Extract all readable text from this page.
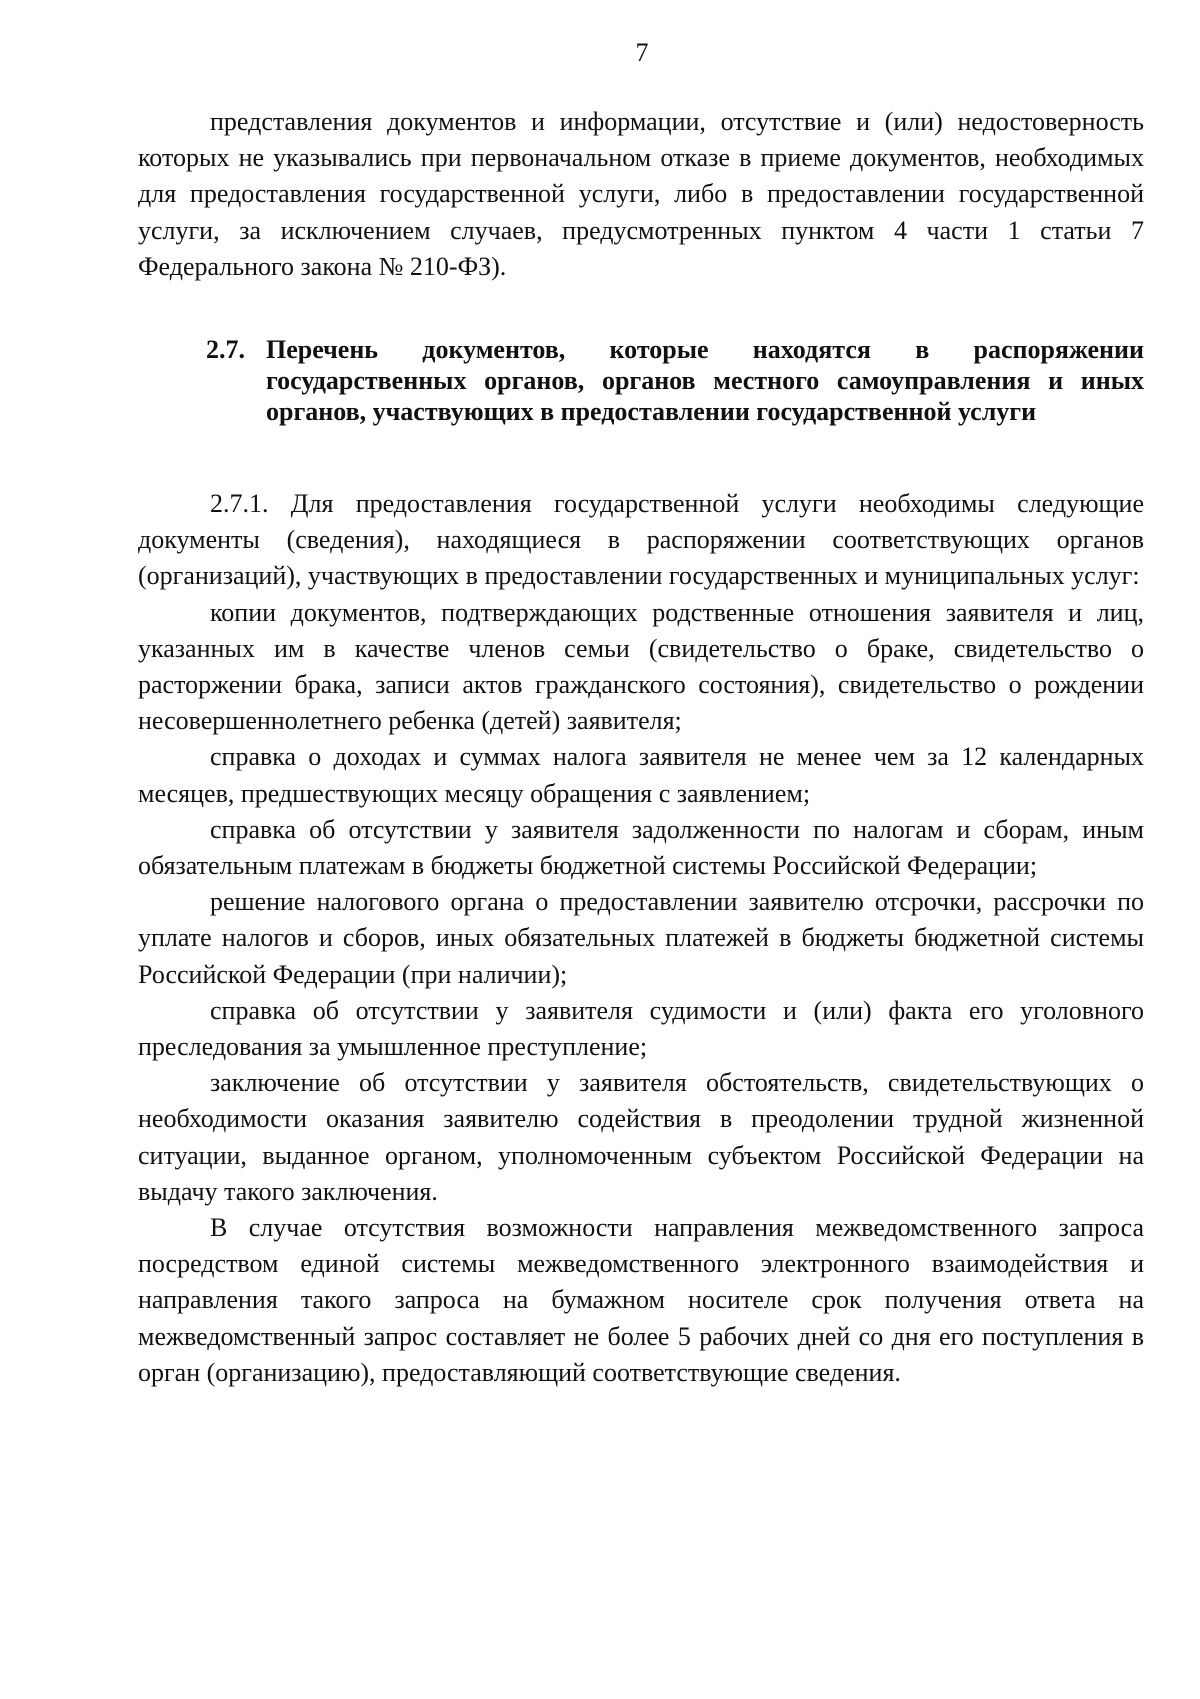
7

представления документов и информации, отсутствие и (или) недостоверность которых не указывались при первоначальном отказе в приеме документов, необходимых для предоставления государственной услуги, либо в предоставлении государственной услуги, за исключением случаев, предусмотренных пунктом 4 части 1 статьи 7 Федерального закона № 210-ФЗ).

2.7. Перечень документов, которые находятся в распоряжении государственных органов, органов местного самоуправления и иных органов, участвующих в предоставлении государственной услуги

2.7.1. Для предоставления государственной услуги необходимы следующие документы (сведения), находящиеся в распоряжении соответствующих органов (организаций), участвующих в предоставлении государственных и муниципальных услуг:

копии документов, подтверждающих родственные отношения заявителя и лиц, указанных им в качестве членов семьи (свидетельство о браке, свидетельство о расторжении брака, записи актов гражданского состояния), свидетельство о рождении несовершеннолетнего ребенка (детей) заявителя;

справка о доходах и суммах налога заявителя не менее чем за 12 календарных месяцев, предшествующих месяцу обращения с заявлением;

справка об отсутствии у заявителя задолженности по налогам и сборам, иным обязательным платежам в бюджеты бюджетной системы Российской Федерации;

решение налогового органа о предоставлении заявителю отсрочки, рассрочки по уплате налогов и сборов, иных обязательных платежей в бюджеты бюджетной системы Российской Федерации (при наличии);

справка об отсутствии у заявителя судимости и (или) факта его уголовного преследования за умышленное преступление;

заключение об отсутствии у заявителя обстоятельств, свидетельствующих о необходимости оказания заявителю содействия в преодолении трудной жизненной ситуации, выданное органом, уполномоченным субъектом Российской Федерации на выдачу такого заключения.

В случае отсутствия возможности направления межведомственного запроса посредством единой системы межведомственного электронного взаимодействия и направления такого запроса на бумажном носителе срок получения ответа на межведомственный запрос составляет не более 5 рабочих дней со дня его поступления в орган (организацию), предоставляющий соответствующие сведения.
